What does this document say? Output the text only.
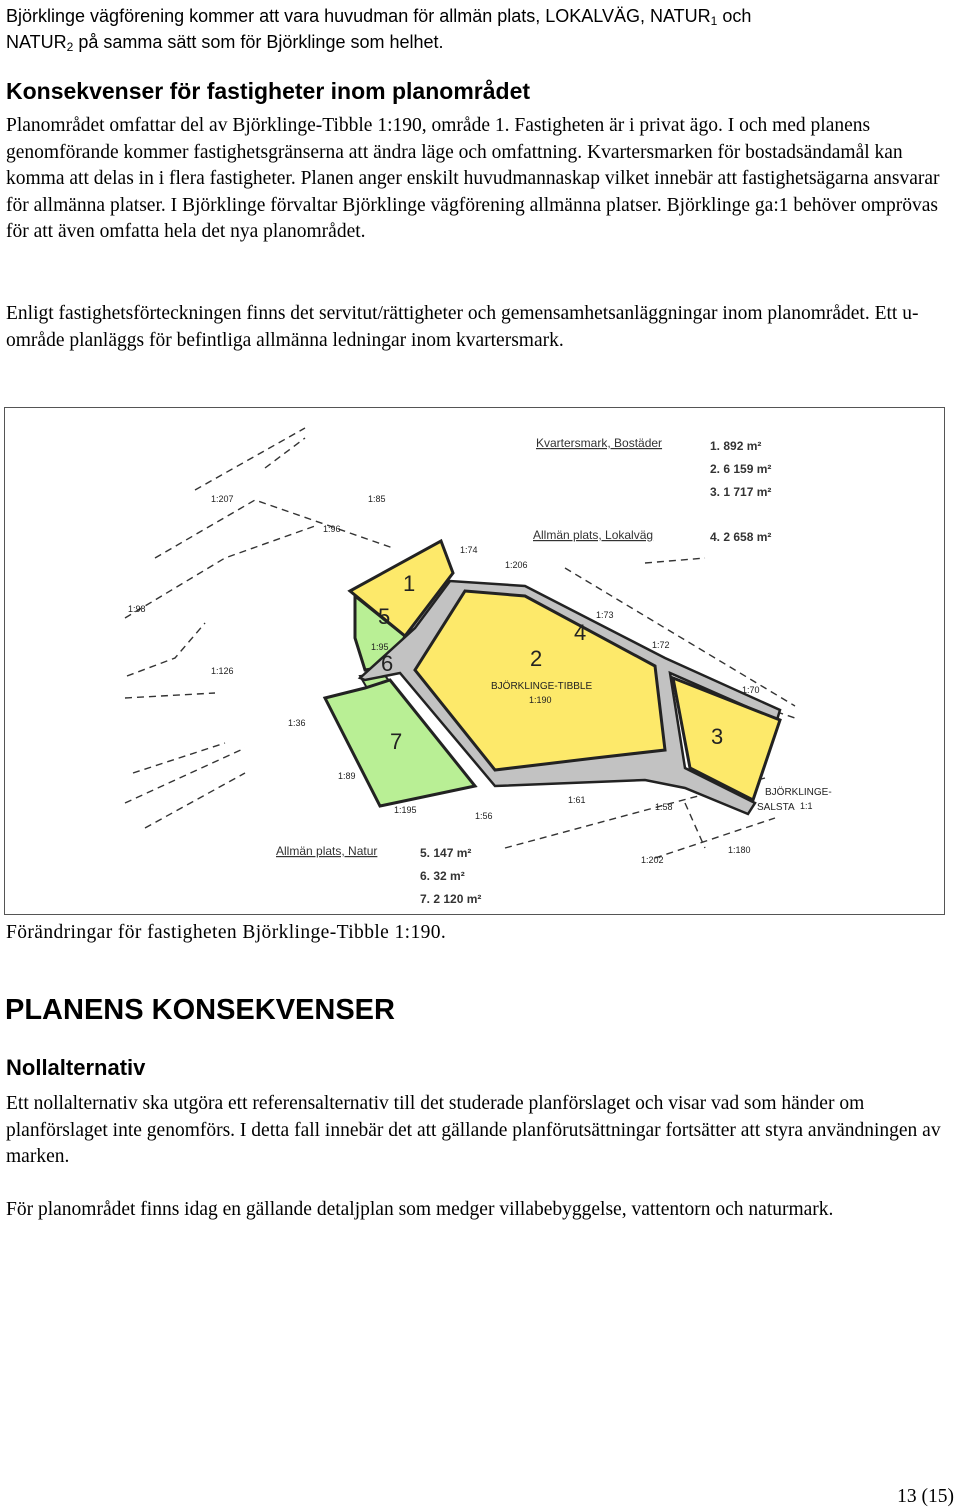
Björklinge vägförening kommer att vara huvudman för allmän plats, LOKALVÄG, $NATUR_1$ och
$NATUR_2$ på samma sätt som för Björklinge som helhet.

Konsekvenser för fastigheter inom planområdet

Planområdet omfattar del av Björklinge-Tibble 1:190, område 1. Fastigheten är i privat ägo. I och med planens genomförande kommer fastighetsgränserna att ändra läge och omfattning. Kvartersmarken för bostadsändamål kan komma att delas in i flera fastigheter. Planen anger enskilt huvudmannaskap vilket innebär att fastighetsägarna ansvarar för allmänna platser. I Björklinge förvaltar Björklinge vägförening allmänna platser. Björklinge ga:1 behöver omprövas för att även omfatta hela det nya planområdet.

Enligt fastighetsförteckningen finns det servitut/rättigheter och gemensamhetsanläggningar inom planområdet. Ett u-område planläggs för befintliga allmänna ledningar inom kvartersmark.

1
2
3
4
5
6
7
BJÖRKLINGE-TIBBLE
1:190
BJÖRKLINGE-
SALSTA 1:1
1:207	1:85
1:96
1:74
1:206
1:98
1:73
1:72
1:95
1:126
1:70
1:36
1:89
1:195
1:56
1:61
1:58
1:202
1:180
Kvartersmark, Bostäder
Allmän plats, Lokalväg
Allmän plats, Natur
1. 892 m²
2. 6 159 m²
3. 1 717 m²
4. 2 658 m²
5. 147 m²
6. 32 m²
7. 2 120 m²
Förändringar för fastigheten Björklinge-Tibble 1:190.
PLANENS KONSEKVENSER
Nollalternativ

Ett nollalternativ ska utgöra ett referensalternativ till det studerade planförslaget och visar vad som händer om planförslaget inte genomförs. I detta fall innebär det att gällande planförutsättningar fortsätter att styra användningen av marken.

För planområdet finns idag en gällande detaljplan som medger villabebyggelse, vattentorn och naturmark.

13 (15)
